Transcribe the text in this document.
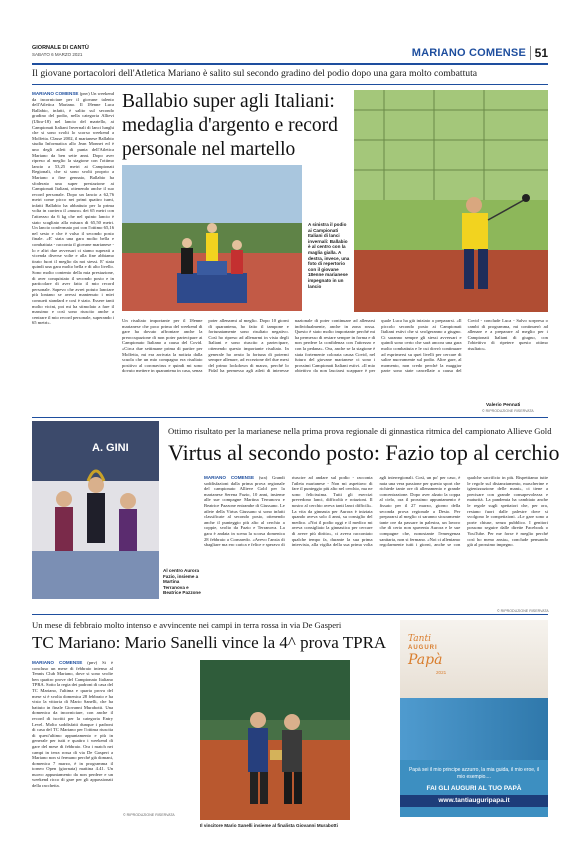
GIORNALE DI CANTÙ
SABATO 6 MARZO 2021	MARIANO COMENSE 51
Il giovane portacolori dell'Atletica Mariano è salito sul secondo gradino del podio dopo una gara molto combattuta
MARIANO COMENSE (pnv) Un weekend da incorniciare per il giovane talento dell'Atletica Mariano. Il 18enne Luca Ballabio, infatti, è salito sul secondo gradino del podio, nella categoria Allievi (Ultra-18) nel lancio del martello, ai Campionati Italiani Invernali di lanci lunghi che si sono svolti lo scorso weekend a Molfetta. Classe 2002, il marianese Ballabio studia Informatica allo Jean Monnet ed è uno degli atleti di punta dell'Atletica Mariano da ben sette anni. Dopo aver ripreso al meglio la stagione con l'ottimo lancio a 53,25 metri ai Campionati Regionali, che si sono svolti proprio a Mariano a fine gennaio, Ballabio ha sfoderato una super prestazione ai Campionati Italiani, ottenendo anche il suo record personale. Dopo un lancio a 62,76 metri come picco nei primi quattro turni, infatti Ballabio ha abbattuto per la prima volta in carriera il «muro» dei 65 metri con l'attrezzo da 6 kg che nel quinto lancio è stato scagliato alla misura di 65,50 metri. Un lancio confermato poi con l'ottimo 65,16 nel sesto e che è valso il secondo posto finale. «E' stata una gara molto bella e combattuta - racconta il giovane marianese - lo e altri due avversari ci siamo superati a vicenda diverse volte e alla fine abbiamo tirato fuori il meglio da noi stessi. E' stata quindi una gara molto bella e di alto livello. Sono molto contento della mia prestazione, di aver conquistato il secondo posto e in particolare di aver fatto il mio record personale. Sapevo che avrei potuto lanciare più lontano se avessi mantenuto i miei consueti standard e così è stato. Essere tanti molto vicini, poi mi ha stimolato a fare il massimo e così sono riuscito anche a centrare il mio record personale, superando i 65 metri».
Ballabio super agli Italiani: medaglia d'argento e record personale nel martello
A sinistra il podio ai Campionati Italiani di lanci invernali: Ballabio è al centro con la maglia gialla. A destra, invece, una foto di repertorio con il giovane 18enne marianese impegnato in un lancio
Un risultato importante per il 18enne marianese che poco prima del weekend di gare ha dovuto affrontare anche la preoccupazione di non poter partecipare ai Campionato Italiano a causa del Covid. «Circa due settimane prima di partire per Molfetta, mi era arrivata la notizia dalla scuola che un mio compagno era risultato positivo al coronavirus e quindi mi sono dovuto mettere in quarantena in casa, senza poter allenarmi al meglio. Dopo 10 giorni di quarantena, ho fatto il tampone e fortunatamente sono risultato negativo. Così ho ripreso ad allenarmi in vista degli Italiani e sono riuscito a partecipare, ottenendo questo importante risultato. In generale ho avuto la fortuna di poiermi sempre allenare, ad eccezione del due mesi del primo lockdown di marzo, perché lo Fidal ha permesso agli atleti di interesse nazionale di poter continuare ad allenarsi individualmente, anche in zona rossa. Questo è stato molto importante perché mi ha permesso di restare sempre in forma e di non perdere la confidenza con l'attrezzo e con la pedana». Ora, anche se la stagione è stata fortemente colorata causa Covid, nel futuro del giovane marianese ci sono i prossimi Campionati Italiani estivi. «Il mio obiettivo da non lasciarsi scappare è per quale Luca ha già iniziato a prepararsi. «Il piccolo secondo posto ai Campionati Italiani estivi che si svolgeranno a giugno. Ci saranno sempre gli stessi avversari e quindi sono certo che sarà ancora una gara molto combattuta e le cui dovrò continuare ad esprimersi su quei livelli per cercare di salire nuovamente sul podio. Altre gare, al momento, non credo perché la maggior parte sono state cancellate a causa del Covid - conclude Luca - Salvo sorpresa o cambi di programma, mi continuerò ad allenare e a preparare al meglio per i Campionati Italiani di giugno, con l'obiettivo di ripetere questo ottimo risultato».
Valerio Pennati
© RIPRODUZIONE RISERVATA
A. GINI
Al centro Aurora Fazio, insieme a Martina Terranova e Beatrice Pazzone
Ottimo risultato per la marianese nella prima prova regionale di ginnastica ritmica del campionato Allieve Gold
Virtus al secondo posto: Fazio top al cerchio
MARIANO COMENSE (sra) Grandi soddisfazioni dalla prima prova regionale del campionato Allieve Gold per la marianese Serena Fazio, 10 anni, insieme alle sue compagne Martina Terranova e Beatrice Pazzone entrambe di Giussano. Le atlete della Virtus Giussano si sono infatti classificate al secondo posto, ottenendo anche il punteggio più alto al cerchio a coppie, svolto da Fazio e Terranova. La gara è andata in scena la scorsa domenica 28 febbraio a Cornaredo. «Avevo l'ansia di sbagliare ma ero carica e felice e speravo di riuscire ad andare sul podio - racconta l'atleta marianese - Non mi aspettavo di fare il punteggio più alto nel cerchio, ma ne sono felicissima. Tutti gli esercizi prevedono lanci, difficoltà e rotazioni. Il nostro al cerchio aveva tanti lanci difficili». La vita da ginnasta per Aurora è iniziata quando aveva solo 4 anni, su consiglio del medico. «Noi il podio oggi e il medico mi aveva consigliato la ginnastica per cercare di avere più diritto», ci aveva raccontato qualche tempo fa, durante la sua prima intervista, alla vigilia della sua prima volta agli interregionali. Così, un po' per caso, è nata una vera passione per questo sport che richiede tante ore di allenamento e grande concentrazione. Dopo aver alzato la coppa al cielo, ora il prossimo appuntamento è fissato per il 27 marzo, giorno della seconda prova regionale a Desio. Per prepararsi al meglio ci saranno sicuramente tante ore da passare in palestra, un lavoro che di certo non spaventa Aurora e le sue compagne che, nonostante l'emergenza sanitaria, non si fermano. «Noi ci alleniamo regolarmente tutti i giorni, anche se con qualche sacrificio in più. Rispettiamo tutte le regole sul distanziamento, mascherine e igienizzazione delle mani», ci tiene a precisare con grande consapevolezza e maturità. La pandemia ha cambiato anche le regole sugli spettatori che, per ora, restano fuori dalle palestre dove si svolgono le competizioni. «Le gare sono a porte chiuse, senza pubblico. I genitori possono seguire dalle dirette Facebook o YouTube. Per me forse è meglio perché così ho meno ansia», conclude pensando già al prossimo impegno.
© RIPRODUZIONE RISERVATA
Un mese di febbraio molto intenso e avvincente nei campi in terra rossa in via De Gasperi
TC Mariano: Mario Sanelli vince la 4^ prova TPRA
MARIANO COMENSE (pnv) Si è concluso un mese di febbraio intenso al Tennis Club Mariano, dove si sono svolte ben quattro prove del Campionato Italiano TPRA. Sotto la regia dei padroni di casa del TC Mariano, l'ultima e quarta prova del mese si è svolta domenica 28 febbraio e ha visto la vittoria di Mario Sanelli, che ha battuto in finale Giovanni Murabotti. Una domenica da incorniciare, con anche il record di iscritti per la categoria Entry Level. Molto soddisfatti dunque i padroni di casa del TC Mariano per l'ottima riuscita di quest'ultimo appuntamento e più in generale per tutti e quattro i weekend di gare del mese di febbraio. Ora i match nei campi in terra rossa di via De Gasperi a Mariano non si fermano perché già domani, domenica 7 marzo, è in programma il torneo Open (giornata) mattina 4.41. Un nuovo appuntamento da non perdere e un weekend ricco di gare per gli appassionati della racchetta.
Il vincitore Mario Sanelli insieme al finalista Giovanni Murabotti
© RIPRODUZIONE RISERVATA
Tanti
AUGURI
Papà
2021
Papà sei il mio principe azzurro, la mia guida, il mio eroe, il mio esempio....
FAI GLI AUGURI AL TUO PAPÀ
www.tantiauguripapa.it
